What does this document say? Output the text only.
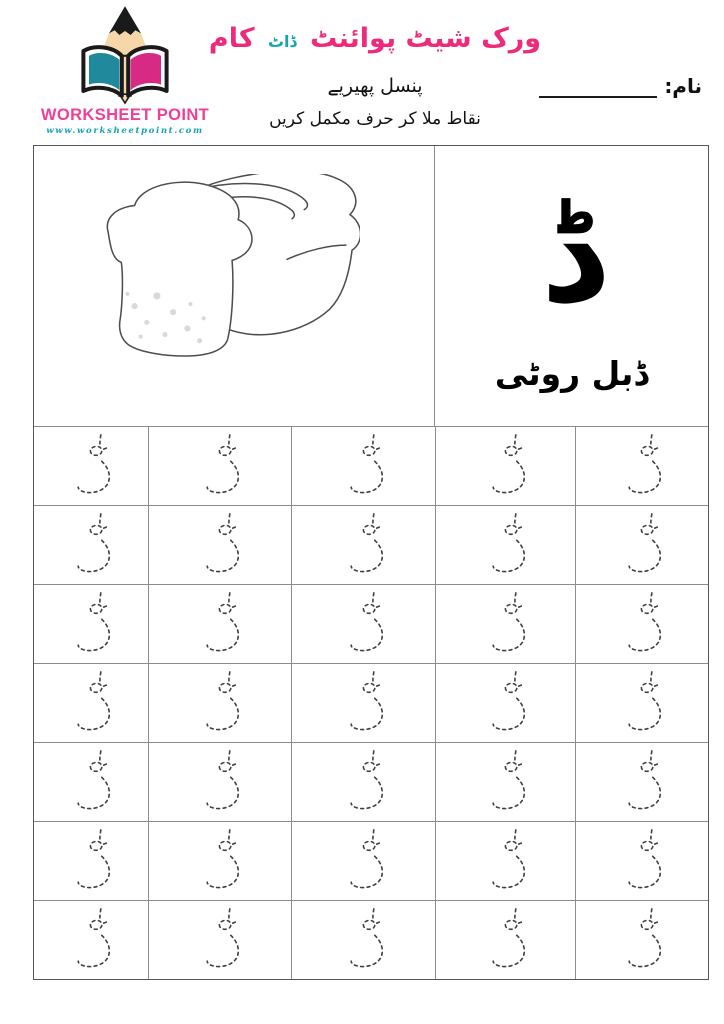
WORKSHEET POINT
www.worksheetpoint.com
ورک شیٹ پوائنٹ ڈاٹ کام
پنسل پھیریے
نقاط ملا کر حرف مکمل کریں
نام:
ڈ
ڈبل روٹی
